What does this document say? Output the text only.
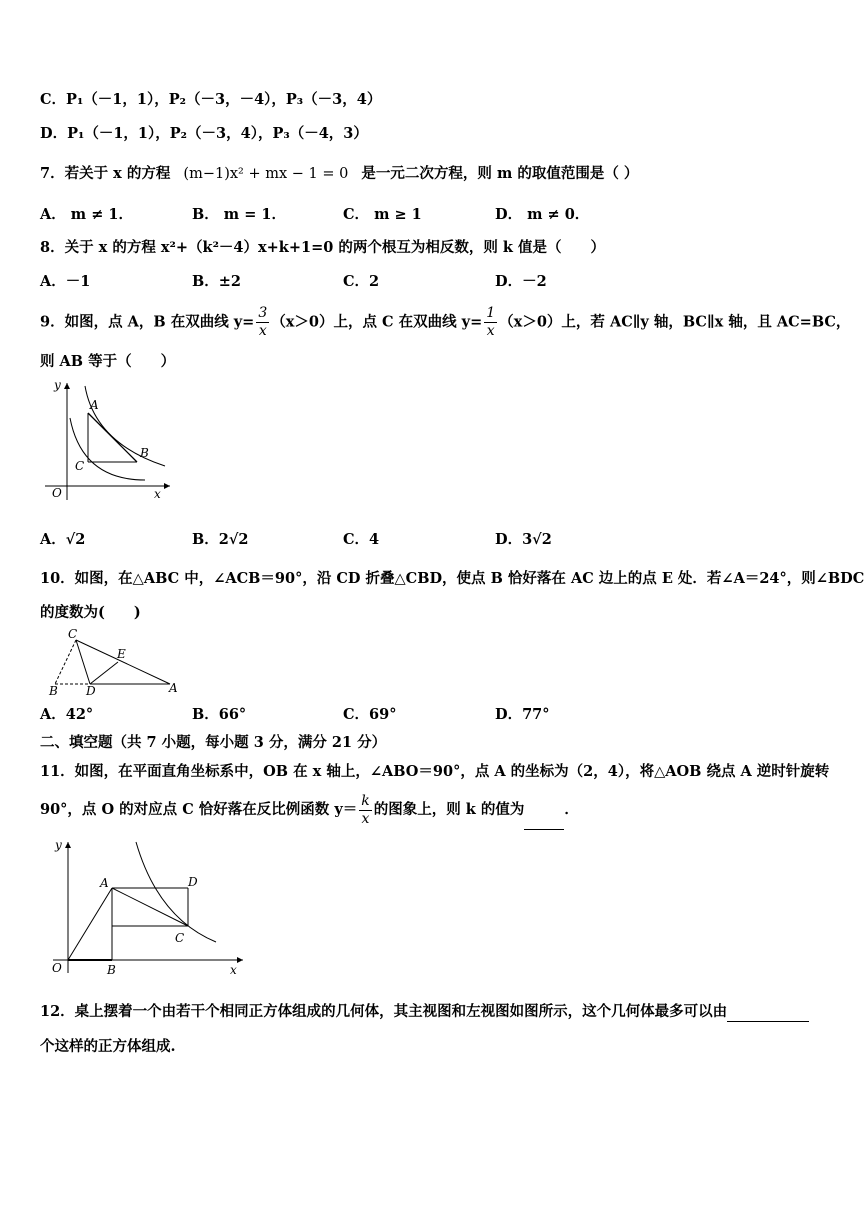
C．P₁（－1，1），P₂（－3，－4），P₃（－3，4）
D．P₁（－1，1），P₂（－3，4），P₃（－4，3）
7．若关于 x 的方程 (m−1)x² + mx − 1 = 0 是一元二次方程，则 m 的取值范围是（ ）
A． m ≠ 1．	B． m = 1．	C． m ≥ 1	D． m ≠ 0．
8．关于 x 的方程 x²+（k²－4）x+k+1=0 的两个根互为相反数，则 k 值是（　　）
A．－1	B．±2	C．2	D．－2
9．如图，点 A，B 在双曲线 $y= \frac{3}{x} (x>0)$上，点 C 在双曲线 $y= \frac{1}{x} (x>0)$上，若 AC∥y 轴，BC∥x 轴，且 AC=BC，
则 AB 等于（　　）
y
A
B
C
O	x
A．√2	B．2√2	C．4	D．3√2
10．如图，在△ABC 中，∠ACB＝90°，沿 CD 折叠△CBD，使点 B 恰好落在 AC 边上的点 E 处．若∠A＝24°，则∠BDC
的度数为(　　)
C
E
B D	A
A．42°	B．66°	C．69°	D．77°
二、填空题（共 7 小题，每小题 3 分，满分 21 分）
11．如图，在平面直角坐标系中，OB 在 x 轴上，∠ABO＝90°，点 A 的坐标为（2，4），将△AOB 绕点 A 逆时针旋转
90°，点 O 的对应点 C 恰好落在反比例函数 $y= \frac{k}{x}$ 的图象上，则 k 的值为	．
y
A	D
C
O	B	x
12．桌上摆着一个由若干个相同正方体组成的几何体，其主视图和左视图如图所示，这个几何体最多可以由
个这样的正方体组成.
